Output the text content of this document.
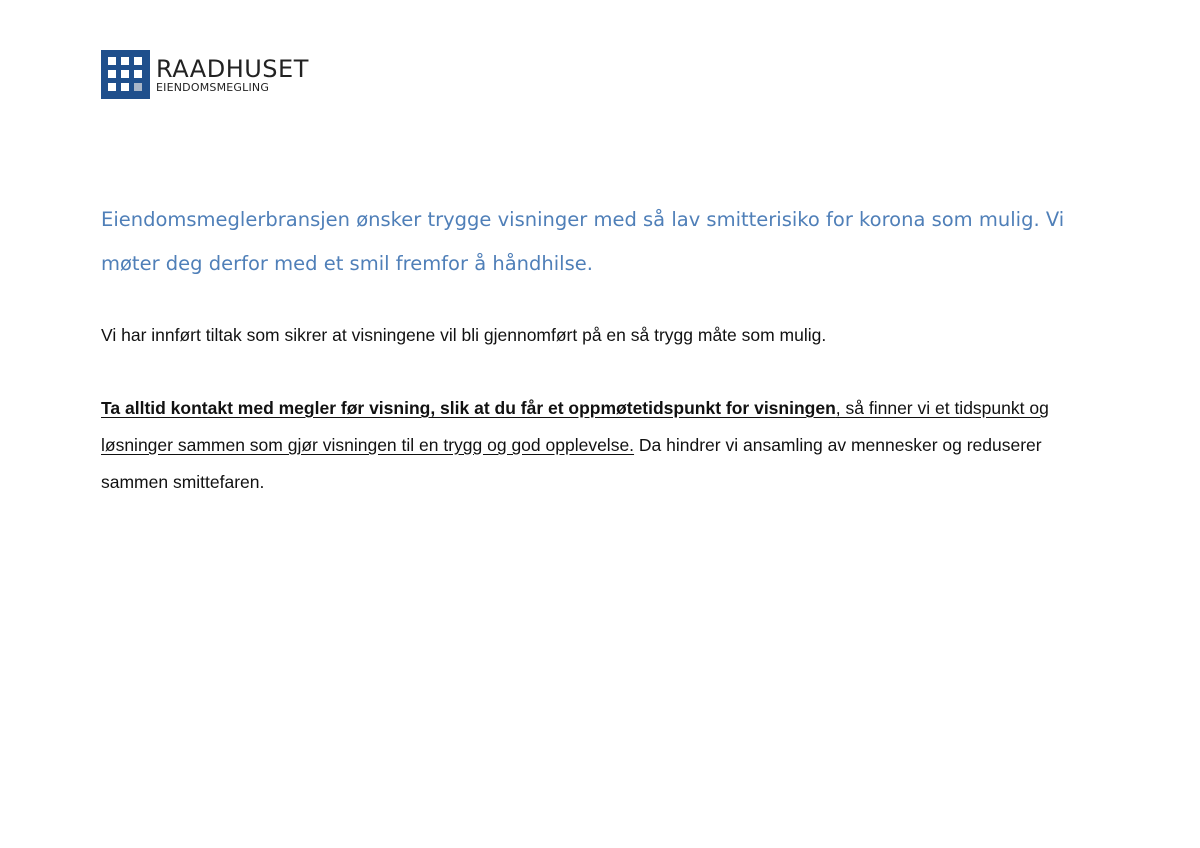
RAADHUSET
EIENDOMSMEGLING

Eiendomsmeglerbransjen ønsker trygge visninger med så lav smitterisiko for korona som mulig. Vi møter deg derfor med et smil fremfor å håndhilse.

Vi har innført tiltak som sikrer at visningene vil bli gjennomført på en så trygg måte som mulig.

Ta alltid kontakt med megler før visning, slik at du får et oppmøtetidspunkt for visningen, så finner vi et tidspunkt og løsninger sammen som gjør visningen til en trygg og god opplevelse. Da hindrer vi ansamling av mennesker og reduserer sammen smittefaren.
